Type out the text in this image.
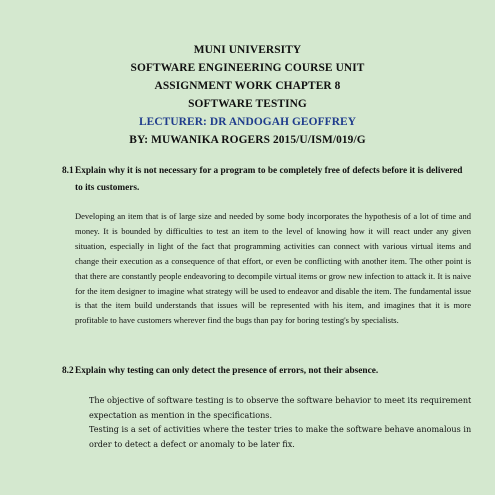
MUNI UNIVERSITY
SOFTWARE ENGINEERING COURSE UNIT
ASSIGNMENT WORK CHAPTER 8
SOFTWARE TESTING
LECTURER: DR ANDOGAH GEOFFREY
BY: MUWANIKA ROGERS 2015/U/ISM/019/G
8.1 Explain why it is not necessary for a program to be completely free of defects before it is delivered to its customers.
Developing an item that is of large size and needed by some body incorporates the hypothesis of a lot of time and money. It is bounded by difficulties to test an item to the level of knowing how it will react under any given situation, especially in light of the fact that programming activities can connect with various virtual items and change their execution as a consequence of that effort, or even be conflicting with another item. The other point is that there are constantly people endeavoring to decompile virtual items or grow new infection to attack it. It is naive for the item designer to imagine what strategy will be used to endeavor and disable the item. The fundamental issue is that the item build understands that issues will be represented with his item, and imagines that it is more profitable to have customers wherever find the bugs than pay for boring testing's by specialists.
8.2 Explain why testing can only detect the presence of errors, not their absence.

The objective of software testing is to observe the software behavior to meet its requirement expectation as mention in the specifications.

Testing is a set of activities where the tester tries to make the software behave anomalous in order to detect a defect or anomaly to be later fix.
